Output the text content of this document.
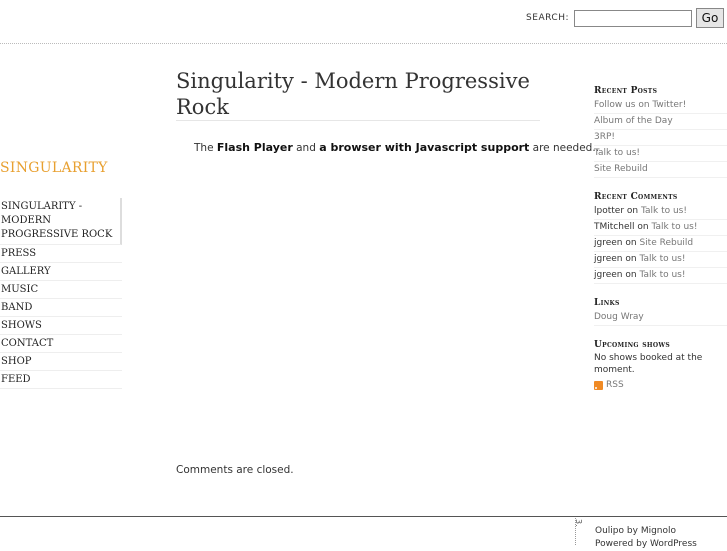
SEARCH:	Go
SINGULARITY
SINGULARITY - MODERN PROGRESSIVE ROCK
PRESS
GALLERY
MUSIC
BAND
SHOWS
CONTACT
SHOP
FEED
Singularity - Modern Progressive Rock
The Flash Player and a browser with Javascript support are needed..
Comments are closed.
Recent Posts
Follow us on Twitter!
Album of the Day
3RP!
Talk to us!
Site Rebuild
Recent Comments
lpotter on Talk to us!
TMitchell on Talk to us!
jgreen on Site Rebuild
jgreen on Talk to us!
jgreen on Talk to us!
Links
Doug Wray
Upcoming shows
No shows booked at the moment.
RSS
3.
Oulipo by Mignolo
Powered by WordPress
